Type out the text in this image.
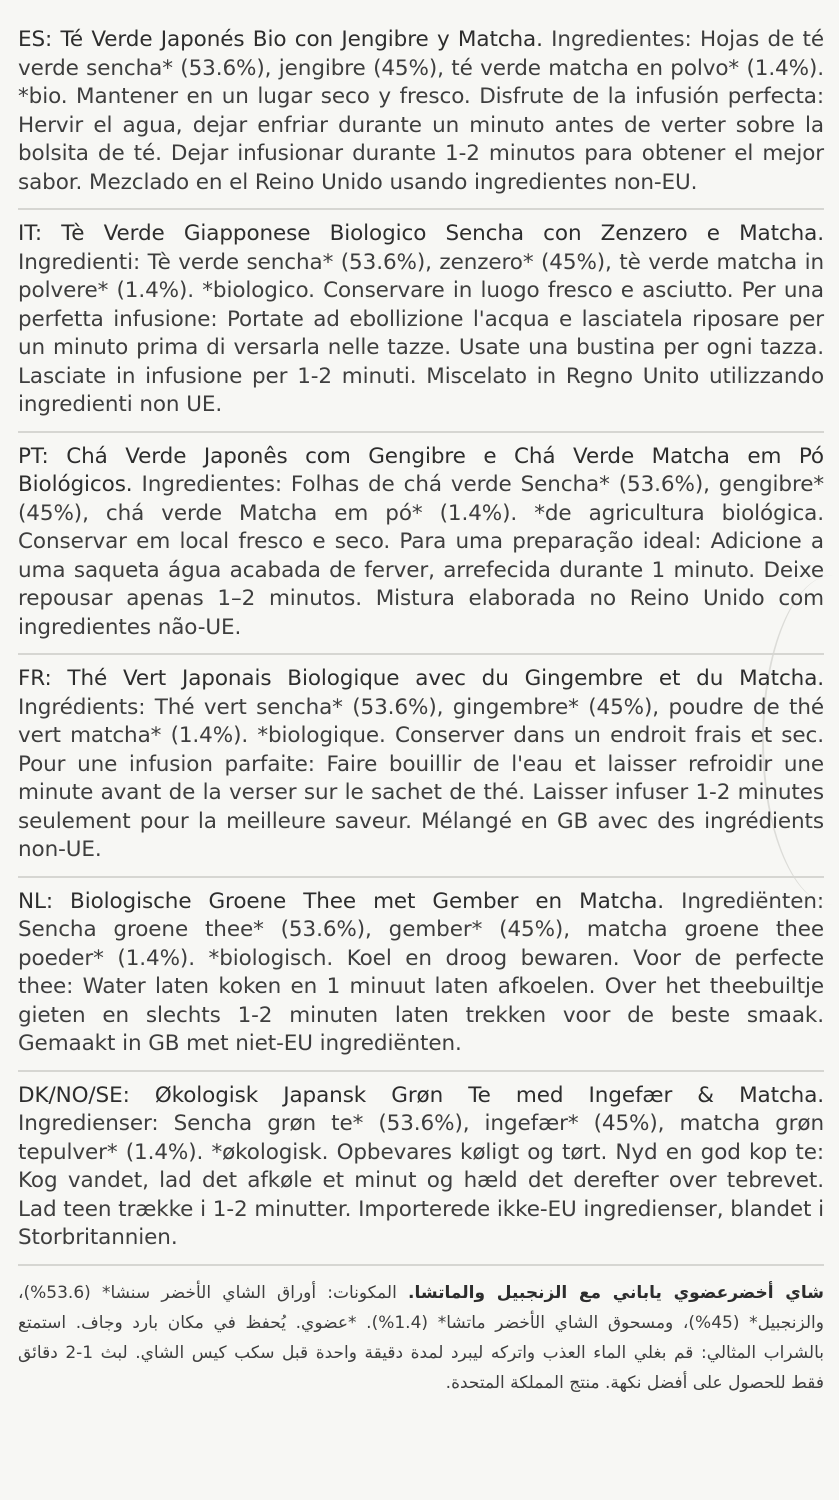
ES: Té Verde Japonés Bio con Jengibre y Matcha. Ingredientes: Hojas de té verde sencha* (53.6%), jengibre (45%), té verde matcha en polvo* (1.4%). *bio. Mantener en un lugar seco y fresco. Disfrute de la infusión perfecta: Hervir el agua, dejar enfriar durante un minuto antes de verter sobre la bolsita de té. Dejar infusionar durante 1-2 minutos para obtener el mejor sabor. Mezclado en el Reino Unido usando ingredientes non-EU.

IT: Tè Verde Giapponese Biologico Sencha con Zenzero e Matcha. Ingredienti: Tè verde sencha* (53.6%), zenzero* (45%), tè verde matcha in polvere* (1.4%). *biologico. Conservare in luogo fresco e asciutto. Per una perfetta infusione: Portate ad ebollizione l'acqua e lasciatela riposare per un minuto prima di versarla nelle tazze. Usate una bustina per ogni tazza. Lasciate in infusione per 1-2 minuti. Miscelato in Regno Unito utilizzando ingredienti non UE.

PT: Chá Verde Japonês com Gengibre e Chá Verde Matcha em Pó Biológicos. Ingredientes: Folhas de chá verde Sencha* (53.6%), gengibre* (45%), chá verde Matcha em pó* (1.4%). *de agricultura biológica. Conservar em local fresco e seco. Para uma preparação ideal: Adicione a uma saqueta água acabada de ferver, arrefecida durante 1 minuto. Deixe repousar apenas 1–2 minutos. Mistura elaborada no Reino Unido com ingredientes não-UE.

FR: Thé Vert Japonais Biologique avec du Gingembre et du Matcha. Ingrédients: Thé vert sencha* (53.6%), gingembre* (45%), poudre de thé vert matcha* (1.4%). *biologique. Conserver dans un endroit frais et sec. Pour une infusion parfaite: Faire bouillir de l'eau et laisser refroidir une minute avant de la verser sur le sachet de thé. Laisser infuser 1-2 minutes seulement pour la meilleure saveur. Mélangé en GB avec des ingrédients non-UE.

NL: Biologische Groene Thee met Gember en Matcha. Ingrediënten: Sencha groene thee* (53.6%), gember* (45%), matcha groene thee poeder* (1.4%). *biologisch. Koel en droog bewaren. Voor de perfecte thee: Water laten koken en 1 minuut laten afkoelen. Over het theebuiltje gieten en slechts 1-2 minuten laten trekken voor de beste smaak. Gemaakt in GB met niet-EU ingrediënten.

DK/NO/SE: Økologisk Japansk Grøn Te med Ingefær & Matcha. Ingredienser: Sencha grøn te* (53.6%), ingefær* (45%), matcha grøn tepulver* (1.4%). *økologisk. Opbevares køligt og tørt. Nyd en god kop te: Kog vandet, lad det afkøle et minut og hæld det derefter over tebrevet. Lad teen trække i 1-2 minutter. Importerede ikke-EU ingredienser, blandet i Storbritannien.

شاي أخضرعضوي ياباني مع الزنجبيل والماتشا. المكونات: أوراق الشاي الأخضر سنشا* (53.6%)، والزنجبيل* (45%)، ومسحوق الشاي الأخضر ماتشا* (1.4%). *عضوي. يُحفظ في مكان بارد وجاف. استمتع بالشراب المثالي: قم بغلي الماء العذب واتركه ليبرد لمدة دقيقة واحدة قبل سكب كيس الشاي. لبث 1-2 دقائق فقط للحصول على أفضل نكهة. منتج المملكة المتحدة.
